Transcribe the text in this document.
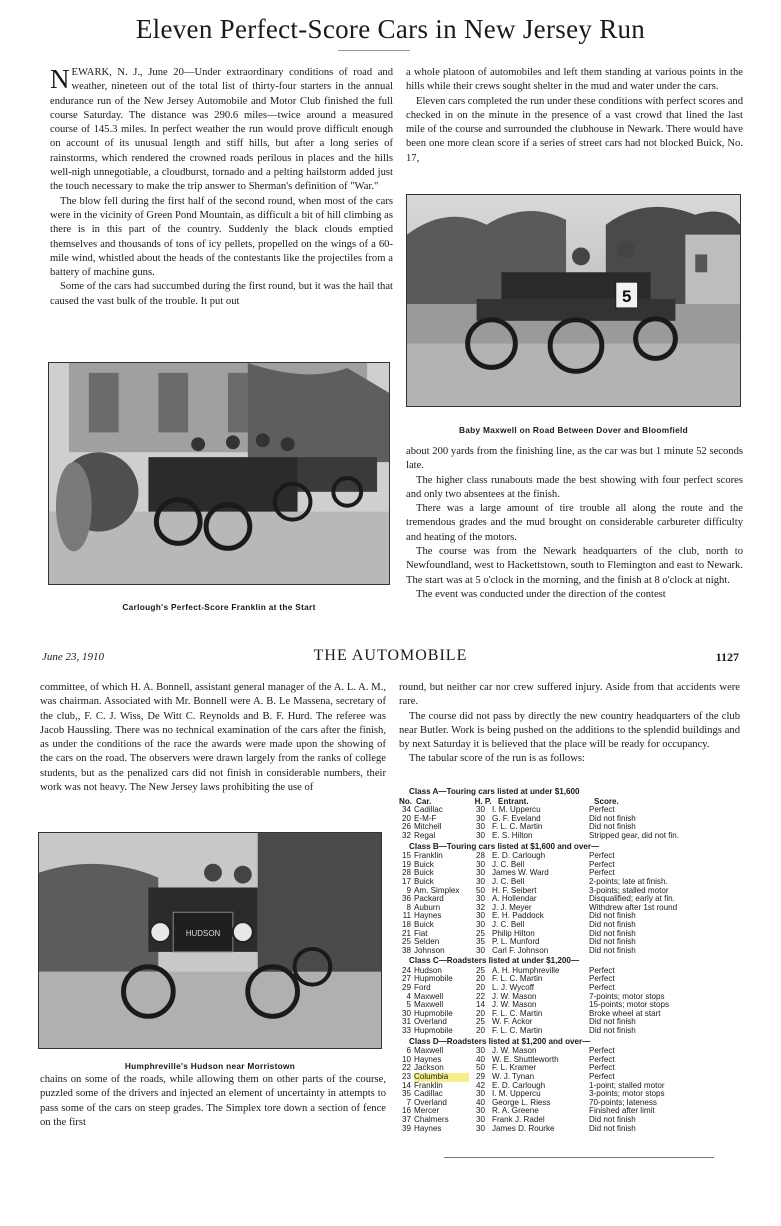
Eleven Perfect-Score Cars in New Jersey Run

NEWARK, N. J., June 20—Under extraordinary conditions of road and weather, nineteen out of the total list of thirty-four starters in the annual endurance run of the New Jersey Automobile and Motor Club finished the full course Saturday. The distance was 290.6 miles—twice around a measured course of 145.3 miles. In perfect weather the run would prove difficult enough on account of its unusual length and stiff hills, but after a long series of rainstorms, which rendered the crowned roads perilous in places and the hills well-nigh unnegotiable, a cloudburst, tornado and a pelting hailstorm added just the touch necessary to make the trip answer to Sherman's definition of "War."

The blow fell during the first half of the second round, when most of the cars were in the vicinity of Green Pond Mountain, as difficult a bit of hill climbing as there is in this part of the country. Suddenly the black clouds emptied themselves and thousands of tons of icy pellets, propelled on the wings of a 60-mile wind, whistled about the heads of the contestants like the projectiles from a battery of machine guns.

Some of the cars had succumbed during the first round, but it was the hail that caused the vast bulk of the trouble. It put out

a whole platoon of automobiles and left them standing at various points in the hills while their crews sought shelter in the mud and water under the cars.

Eleven cars completed the run under these conditions with perfect scores and checked in on the minute in the presence of a vast crowd that lined the last mile of the course and surrounded the clubhouse in Newark. There would have been one more clean score if a series of street cars had not blocked Buick, No. 17,

5
Baby Maxwell on Road Between Dover and Bloomfield
Carlough's Perfect-Score Franklin at the Start

about 200 yards from the finishing line, as the car was but 1 minute 52 seconds late.

The higher class runabouts made the best showing with four perfect scores and only two absentees at the finish.

There was a large amount of tire trouble all along the route and the tremendous grades and the mud brought on considerable carbureter difficulty and heating of the motors.

The course was from the Newark headquarters of the club, north to Newfoundland, west to Hackettstown, south to Flemington and east to Newark. The start was at 5 o'clock in the morning, and the finish at 8 o'clock at night.

The event was conducted under the direction of the contest

June 23, 1910	THE AUTOMOBILE	1127

committee, of which H. A. Bonnell, assistant general manager of the A. L. A. M., was chairman. Associated with Mr. Bonnell were A. B. Le Massena, secretary of the club,, F. C. J. Wiss, De Witt C. Reynolds and B. F. Hurd. The referee was Jacob Haussling. There was no technical examination of the cars after the finish, as under the conditions of the race the awards were made upon the showing of the cars on the road. The observers were drawn largely from the ranks of college students, but as the penalized cars did not finish in considerable numbers, their work was not heavy. The New Jersey laws prohibiting the use of

HUDSON
Humphreville's Hudson near Morristown

chains on some of the roads, while allowing them on other parts of the course, puzzled some of the drivers and injected an element of uncertainty in attempts to pass some of the cars on steep grades. The Simplex tore down a section of fence on the first

round, but neither car nor crew suffered injury. Aside from that accidents were rare.

The course did not pass by directly the new country headquarters of the club near Butler. Work is being pushed on the additions to the splendid buildings and by next Saturday it is believed that the place will be ready for occupancy.

The tabular score of the run is as follows:

Class A—Touring cars listed at under $1,600
No. Car.	H. P. Entrant.	Score.
34 Cadillac	30 I. M. Uppercu	Perfect
20 E-M-F	30 G. F. Eveland	Did not finish
26 Mitchell	30 F. L. C. Martin	Did not finish
32 Regal	30 E. S. Hilton	Stripped gear, did not fin.
Class B—Touring cars listed at $1,600 and over—
15 Franklin	28 E. D. Carlough	Perfect
19 Buick	30 J. C. Bell	Perfect
28 Buick	30 James W. Ward	Perfect
17 Buick	30 J. C. Bell	2-points; late at finish.
9 Am. Simplex	50 H. F. Seibert	3-points; stalled motor
36 Packard	30 A. Hollendar	Disqualified; early at fin.
8 Auburn	32 J. J. Meyer	Withdrew after 1st round
11 Haynes	30 E. H. Paddock	Did not finish
18 Buick	30 J. C. Bell	Did not finish
21 Fiat	25 Philip Hilton	Did not finish
25 Selden	35 P. L. Munford	Did not finish
38 Johnson	30 Carl F. Johnson	Did not finish
Class C—Roadsters listed at under $1,200—
24 Hudson	25 A. H. Humphreville	Perfect
27 Hupmobile	20 F. L. C. Martin	Perfect
29 Ford	20 L. J. Wycoff	Perfect
4 Maxwell	22 J. W. Mason	7-points; motor stops
5 Maxwell	14 J. W. Mason	15-points; motor stops
30 Hupmobile	20 F. L. C. Martin	Broke wheel at start
31 Overland	25 W. F. Ackor	Did not finish
33 Hupmobile	20 F. L. C. Martin	Did not finish
Class D—Roadsters listed at $1,200 and over—
6 Maxwell	30 J. W. Mason	Perfect
10 Haynes	40 W. E. Shuttleworth	Perfect
22 Jackson	50 F. L. Kramer	Perfect
23 Columbia	29 W. J. Tynan	Perfect
14 Franklin	42 E. D. Carlough	1-point; stalled motor
35 Cadillac	30 I. M. Uppercu	3-points; motor stops
7 Overland	40 George L. Riess	70-points; lateness
16 Mercer	30 R. A. Greene	Finished after limit
37 Chalmers	30 Frank J. Radel	Did not finish
39 Haynes	30 James D. Rourke	Did not finish
